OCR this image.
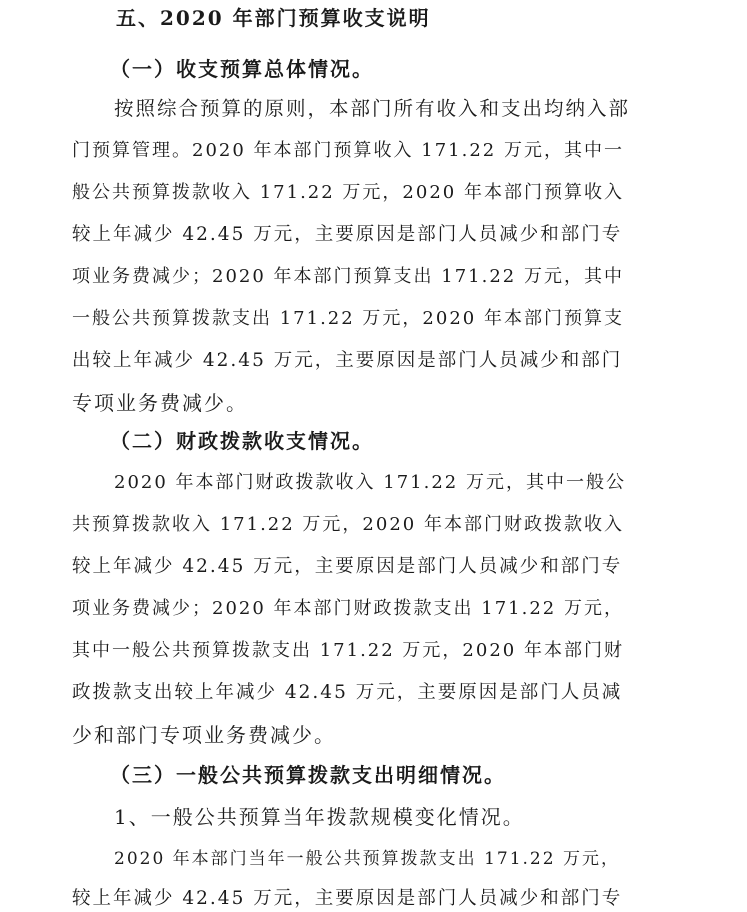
五、2020 年部门预算收支说明
（一）收支预算总体情况。
按照综合预算的原则，本部门所有收入和支出均纳入部
门预算管理。2020 年本部门预算收入 171.22 万元，其中一
般公共预算拨款收入 171.22 万元，2020 年本部门预算收入
较上年减少 42.45 万元，主要原因是部门人员减少和部门专
项业务费减少；2020 年本部门预算支出 171.22 万元，其中
一般公共预算拨款支出 171.22 万元，2020 年本部门预算支
出较上年减少 42.45 万元，主要原因是部门人员减少和部门
专项业务费减少。
（二）财政拨款收支情况。
2020 年本部门财政拨款收入 171.22 万元，其中一般公
共预算拨款收入 171.22 万元，2020 年本部门财政拨款收入
较上年减少 42.45 万元，主要原因是部门人员减少和部门专
项业务费减少；2020 年本部门财政拨款支出 171.22 万元，
其中一般公共预算拨款支出 171.22 万元，2020 年本部门财
政拨款支出较上年减少 42.45 万元，主要原因是部门人员减
少和部门专项业务费减少。
（三）一般公共预算拨款支出明细情况。
1、一般公共预算当年拨款规模变化情况。
2020 年本部门当年一般公共预算拨款支出 171.22 万元，
较上年减少 42.45 万元，主要原因是部门人员减少和部门专
